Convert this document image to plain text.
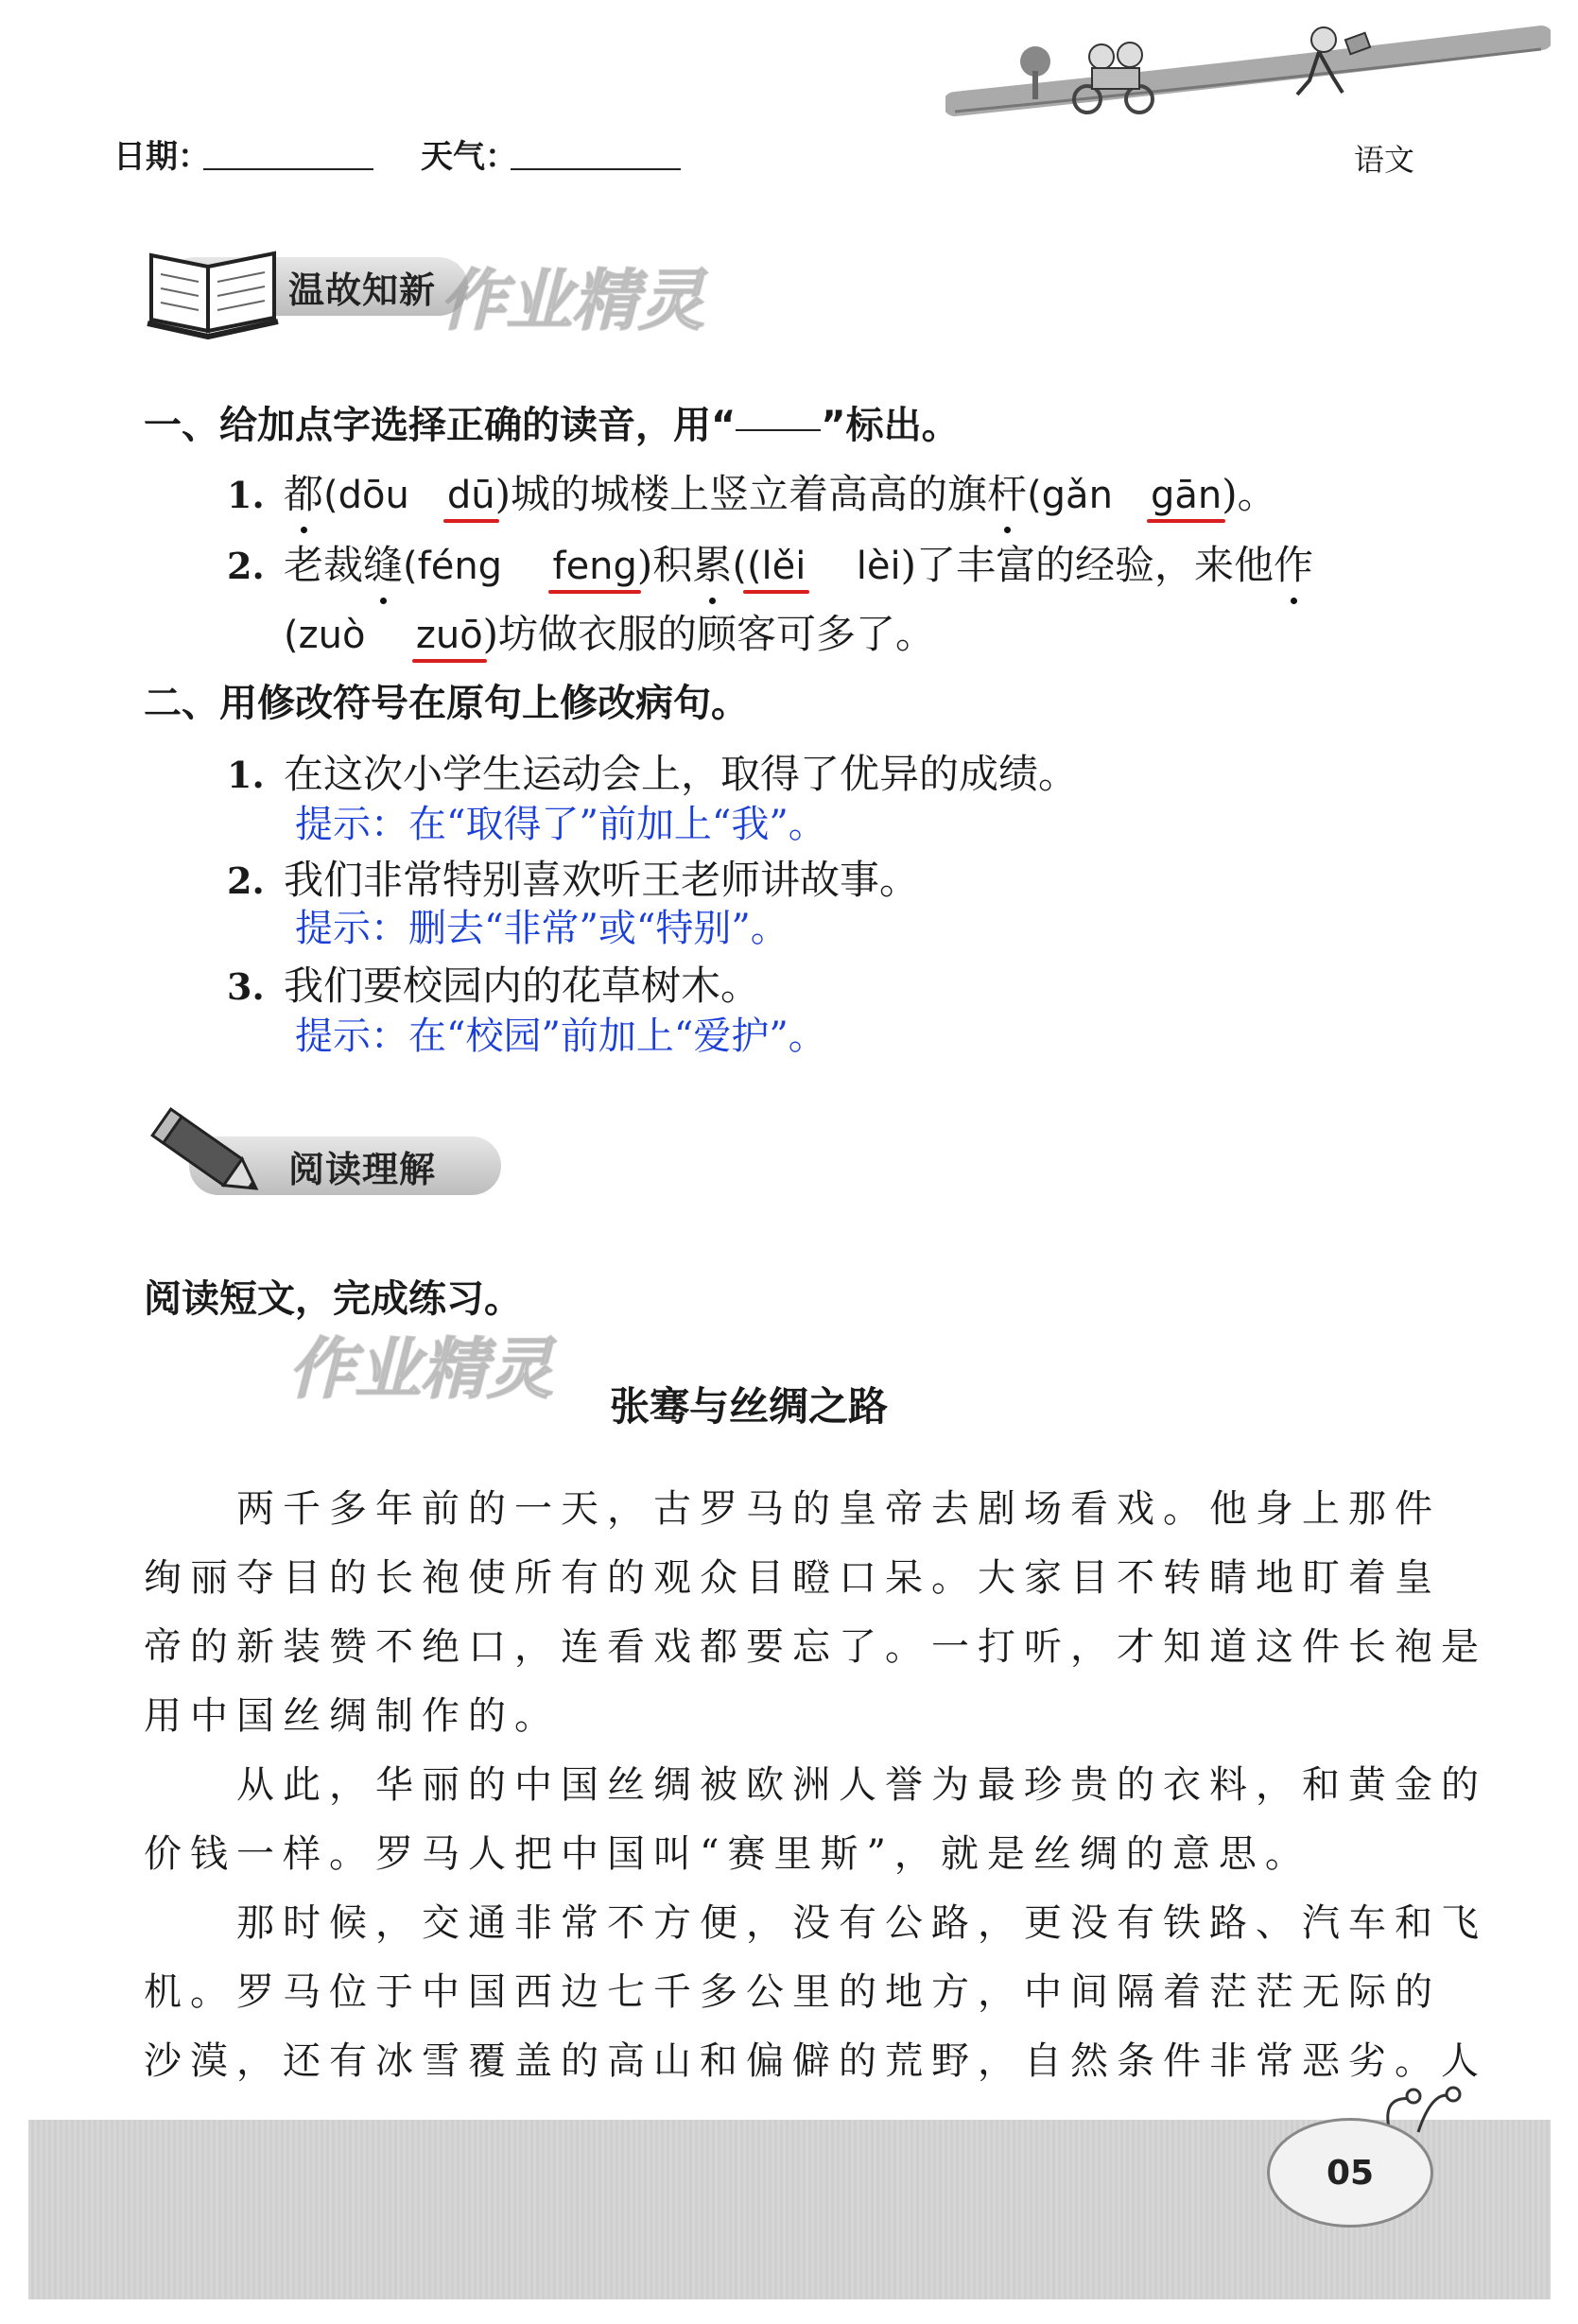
日期：	天气：	语文
温故知新 作业精灵
一、给加点字选择正确的读音，用“ ”标出。
1. 都(dōu dū)城的城楼上竖立着高高的旗杆(gǎn gān)。
2. 老裁缝(féng feng)积累((lěi lèi)了丰富的经验，来他作
(zuò zuō)坊做衣服的顾客可多了。
二、用修改符号在原句上修改病句。
1. 在这次小学生运动会上，取得了优异的成绩。
提示：在“取得了”前加上“我”。
2. 我们非常特别喜欢听王老师讲故事。
提示：删去“非常”或“特别”。
3. 我们要校园内的花草树木。
提示：在“校园”前加上“爱护”。
阅读理解
阅读短文，完成练习。
作业精灵 张骞与丝绸之路
　　两千多年前的一天，古罗马的皇帝去剧场看戏。他身上那件
绚丽夺目的长袍使所有的观众目瞪口呆。大家目不转睛地盯着皇
帝的新装赞不绝口，连看戏都要忘了。一打听，才知道这件长袍是
用中国丝绸制作的。
　　从此，华丽的中国丝绸被欧洲人誉为最珍贵的衣料，和黄金的
价钱一样。罗马人把中国叫“赛里斯”，就是丝绸的意思。
　　那时候，交通非常不方便，没有公路，更没有铁路、汽车和飞
机。罗马位于中国西边七千多公里的地方，中间隔着茫茫无际的
沙漠，还有冰雪覆盖的高山和偏僻的荒野，自然条件非常恶劣。人
05
